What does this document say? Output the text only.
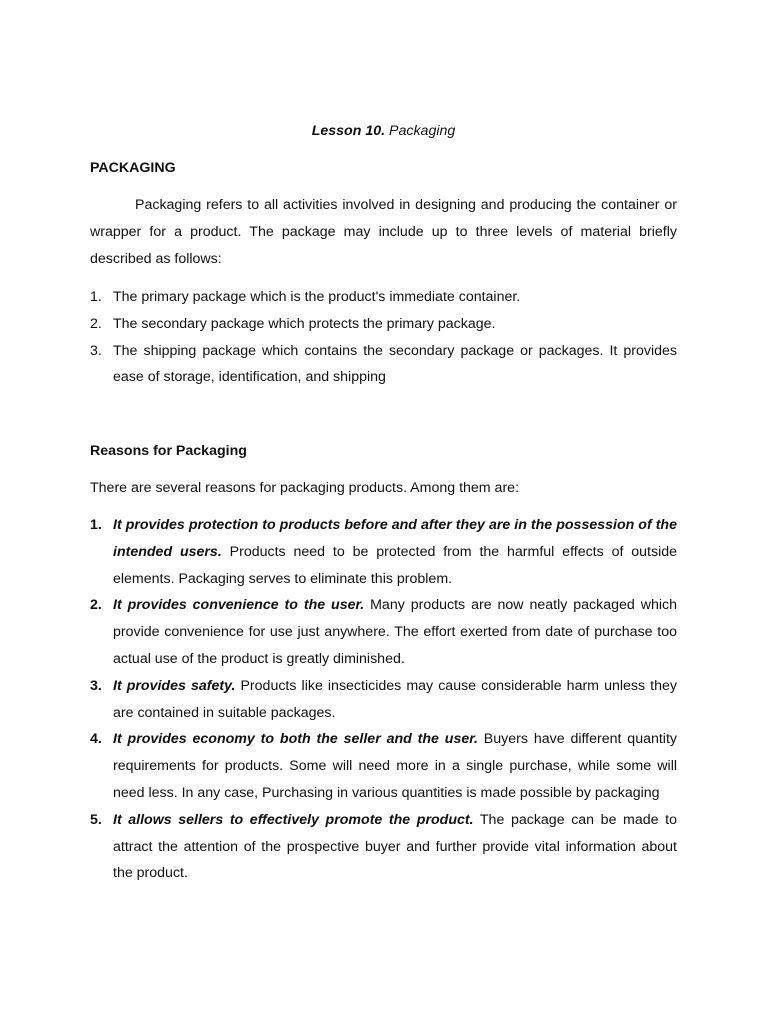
Lesson 10. Packaging
PACKAGING

Packaging refers to all activities involved in designing and producing the container or wrapper for a product. The package may include up to three levels of material briefly described as follows:

1. The primary package which is the product's immediate container.
2. The secondary package which protects the primary package.
3. The shipping package which contains the secondary package or packages. It provides ease of storage, identification, and shipping
Reasons for Packaging

There are several reasons for packaging products. Among them are:

1. It provides protection to products before and after they are in the possession of the intended users. Products need to be protected from the harmful effects of outside elements. Packaging serves to eliminate this problem.
2. It provides convenience to the user. Many products are now neatly packaged which provide convenience for use just anywhere. The effort exerted from date of purchase too actual use of the product is greatly diminished.
3. It provides safety. Products like insecticides may cause considerable harm unless they are contained in suitable packages.
4. It provides economy to both the seller and the user. Buyers have different quantity requirements for products. Some will need more in a single purchase, while some will need less. In any case, Purchasing in various quantities is made possible by packaging
5. It allows sellers to effectively promote the product. The package can be made to attract the attention of the prospective buyer and further provide vital information about the product.
